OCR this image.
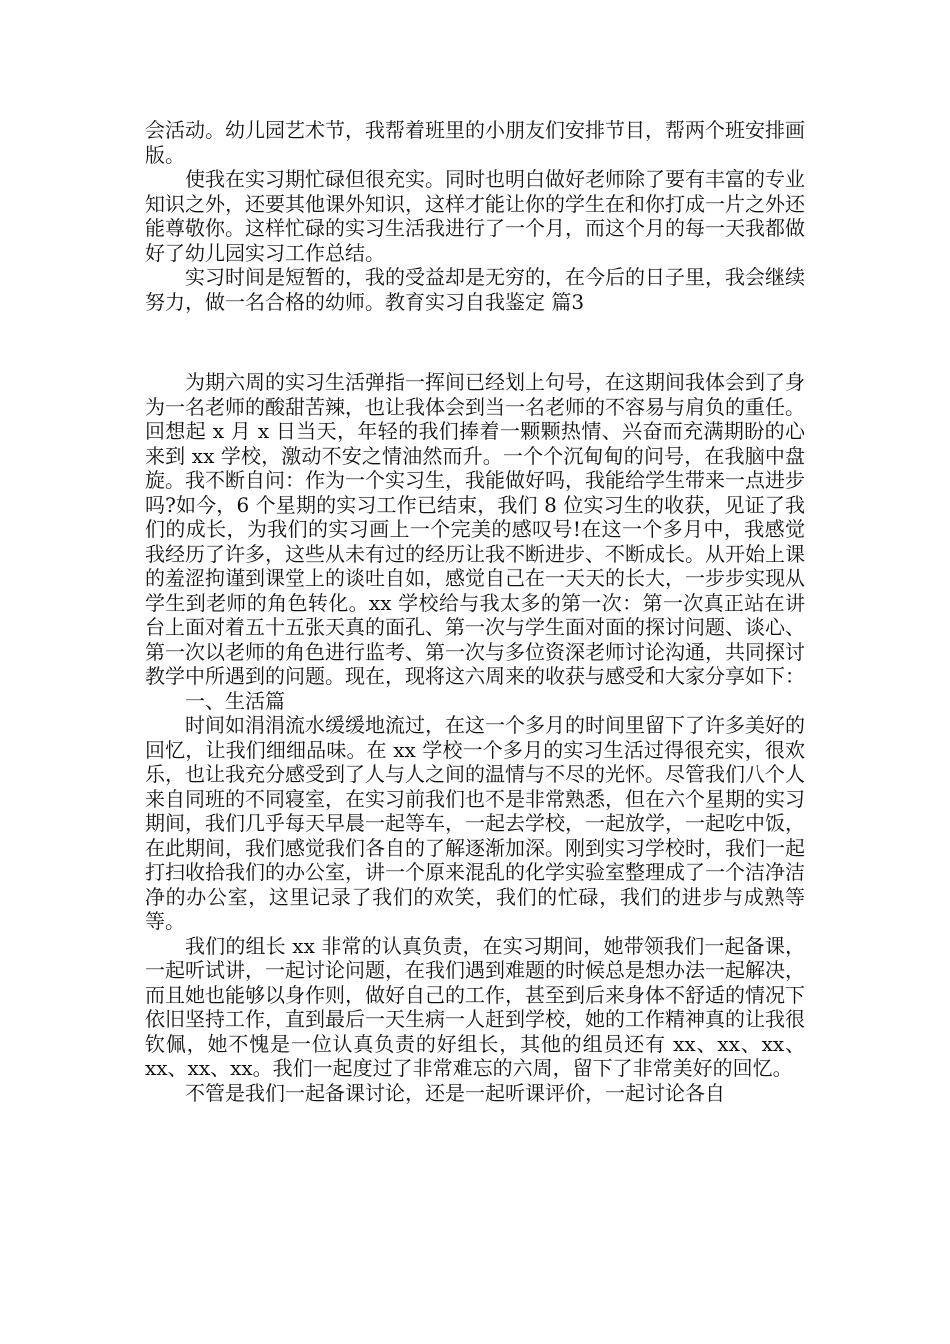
会活动。幼儿园艺术节，我帮着班里的小朋友们安排节目，帮两个班安排画版。

使我在实习期忙碌但很充实。同时也明白做好老师除了要有丰富的专业知识之外，还要其他课外知识，这样才能让你的学生在和你打成一片之外还能尊敬你。这样忙碌的实习生活我进行了一个月，而这个月的每一天我都做好了幼儿园实习工作总结。

实习时间是短暂的，我的受益却是无穷的，在今后的日子里，我会继续努力，做一名合格的幼师。教育实习自我鉴定 篇3

为期六周的实习生活弹指一挥间已经划上句号，在这期间我体会到了身为一名老师的酸甜苦辣，也让我体会到当一名老师的不容易与肩负的重任。回想起 x 月 x 日当天，年轻的我们捧着一颗颗热情、兴奋而充满期盼的心来到 xx 学校，激动不安之情油然而升。一个个沉甸甸的问号，在我脑中盘旋。我不断自问：作为一个实习生，我能做好吗，我能给学生带来一点进步吗?如今，6 个星期的实习工作已结束，我们 8 位实习生的收获，见证了我们的成长，为我们的实习画上一个完美的感叹号!在这一个多月中，我感觉我经历了许多，这些从未有过的经历让我不断进步、不断成长。从开始上课的羞涩拘谨到课堂上的谈吐自如，感觉自己在一天天的长大，一步步实现从学生到老师的角色转化。xx 学校给与我太多的第一次：第一次真正站在讲台上面对着五十五张天真的面孔、第一次与学生面对面的探讨问题、谈心、第一次以老师的角色进行监考、第一次与多位资深老师讨论沟通，共同探讨教学中所遇到的问题。现在，现将这六周来的收获与感受和大家分享如下：

一、生活篇

时间如涓涓流水缓缓地流过，在这一个多月的时间里留下了许多美好的回忆，让我们细细品味。在 xx 学校一个多月的实习生活过得很充实，很欢乐，也让我充分感受到了人与人之间的温情与不尽的光怀。尽管我们八个人来自同班的不同寝室，在实习前我们也不是非常熟悉，但在六个星期的实习期间，我们几乎每天早晨一起等车，一起去学校，一起放学，一起吃中饭，在此期间，我们感觉我们各自的了解逐渐加深。刚到实习学校时，我们一起打扫收拾我们的办公室，讲一个原来混乱的化学实验室整理成了一个洁净洁净的办公室，这里记录了我们的欢笑，我们的忙碌，我们的进步与成熟等等。

我们的组长 xx 非常的认真负责，在实习期间，她带领我们一起备课，一起听试讲，一起讨论问题，在我们遇到难题的时候总是想办法一起解决，而且她也能够以身作则，做好自己的工作，甚至到后来身体不舒适的情况下依旧坚持工作，直到最后一天生病一人赶到学校，她的工作精神真的让我很钦佩，她不愧是一位认真负责的好组长，其他的组员还有 xx、xx、xx、xx、xx、xx。我们一起度过了非常难忘的六周，留下了非常美好的回忆。

不管是我们一起备课讨论，还是一起听课评价，一起讨论各自
